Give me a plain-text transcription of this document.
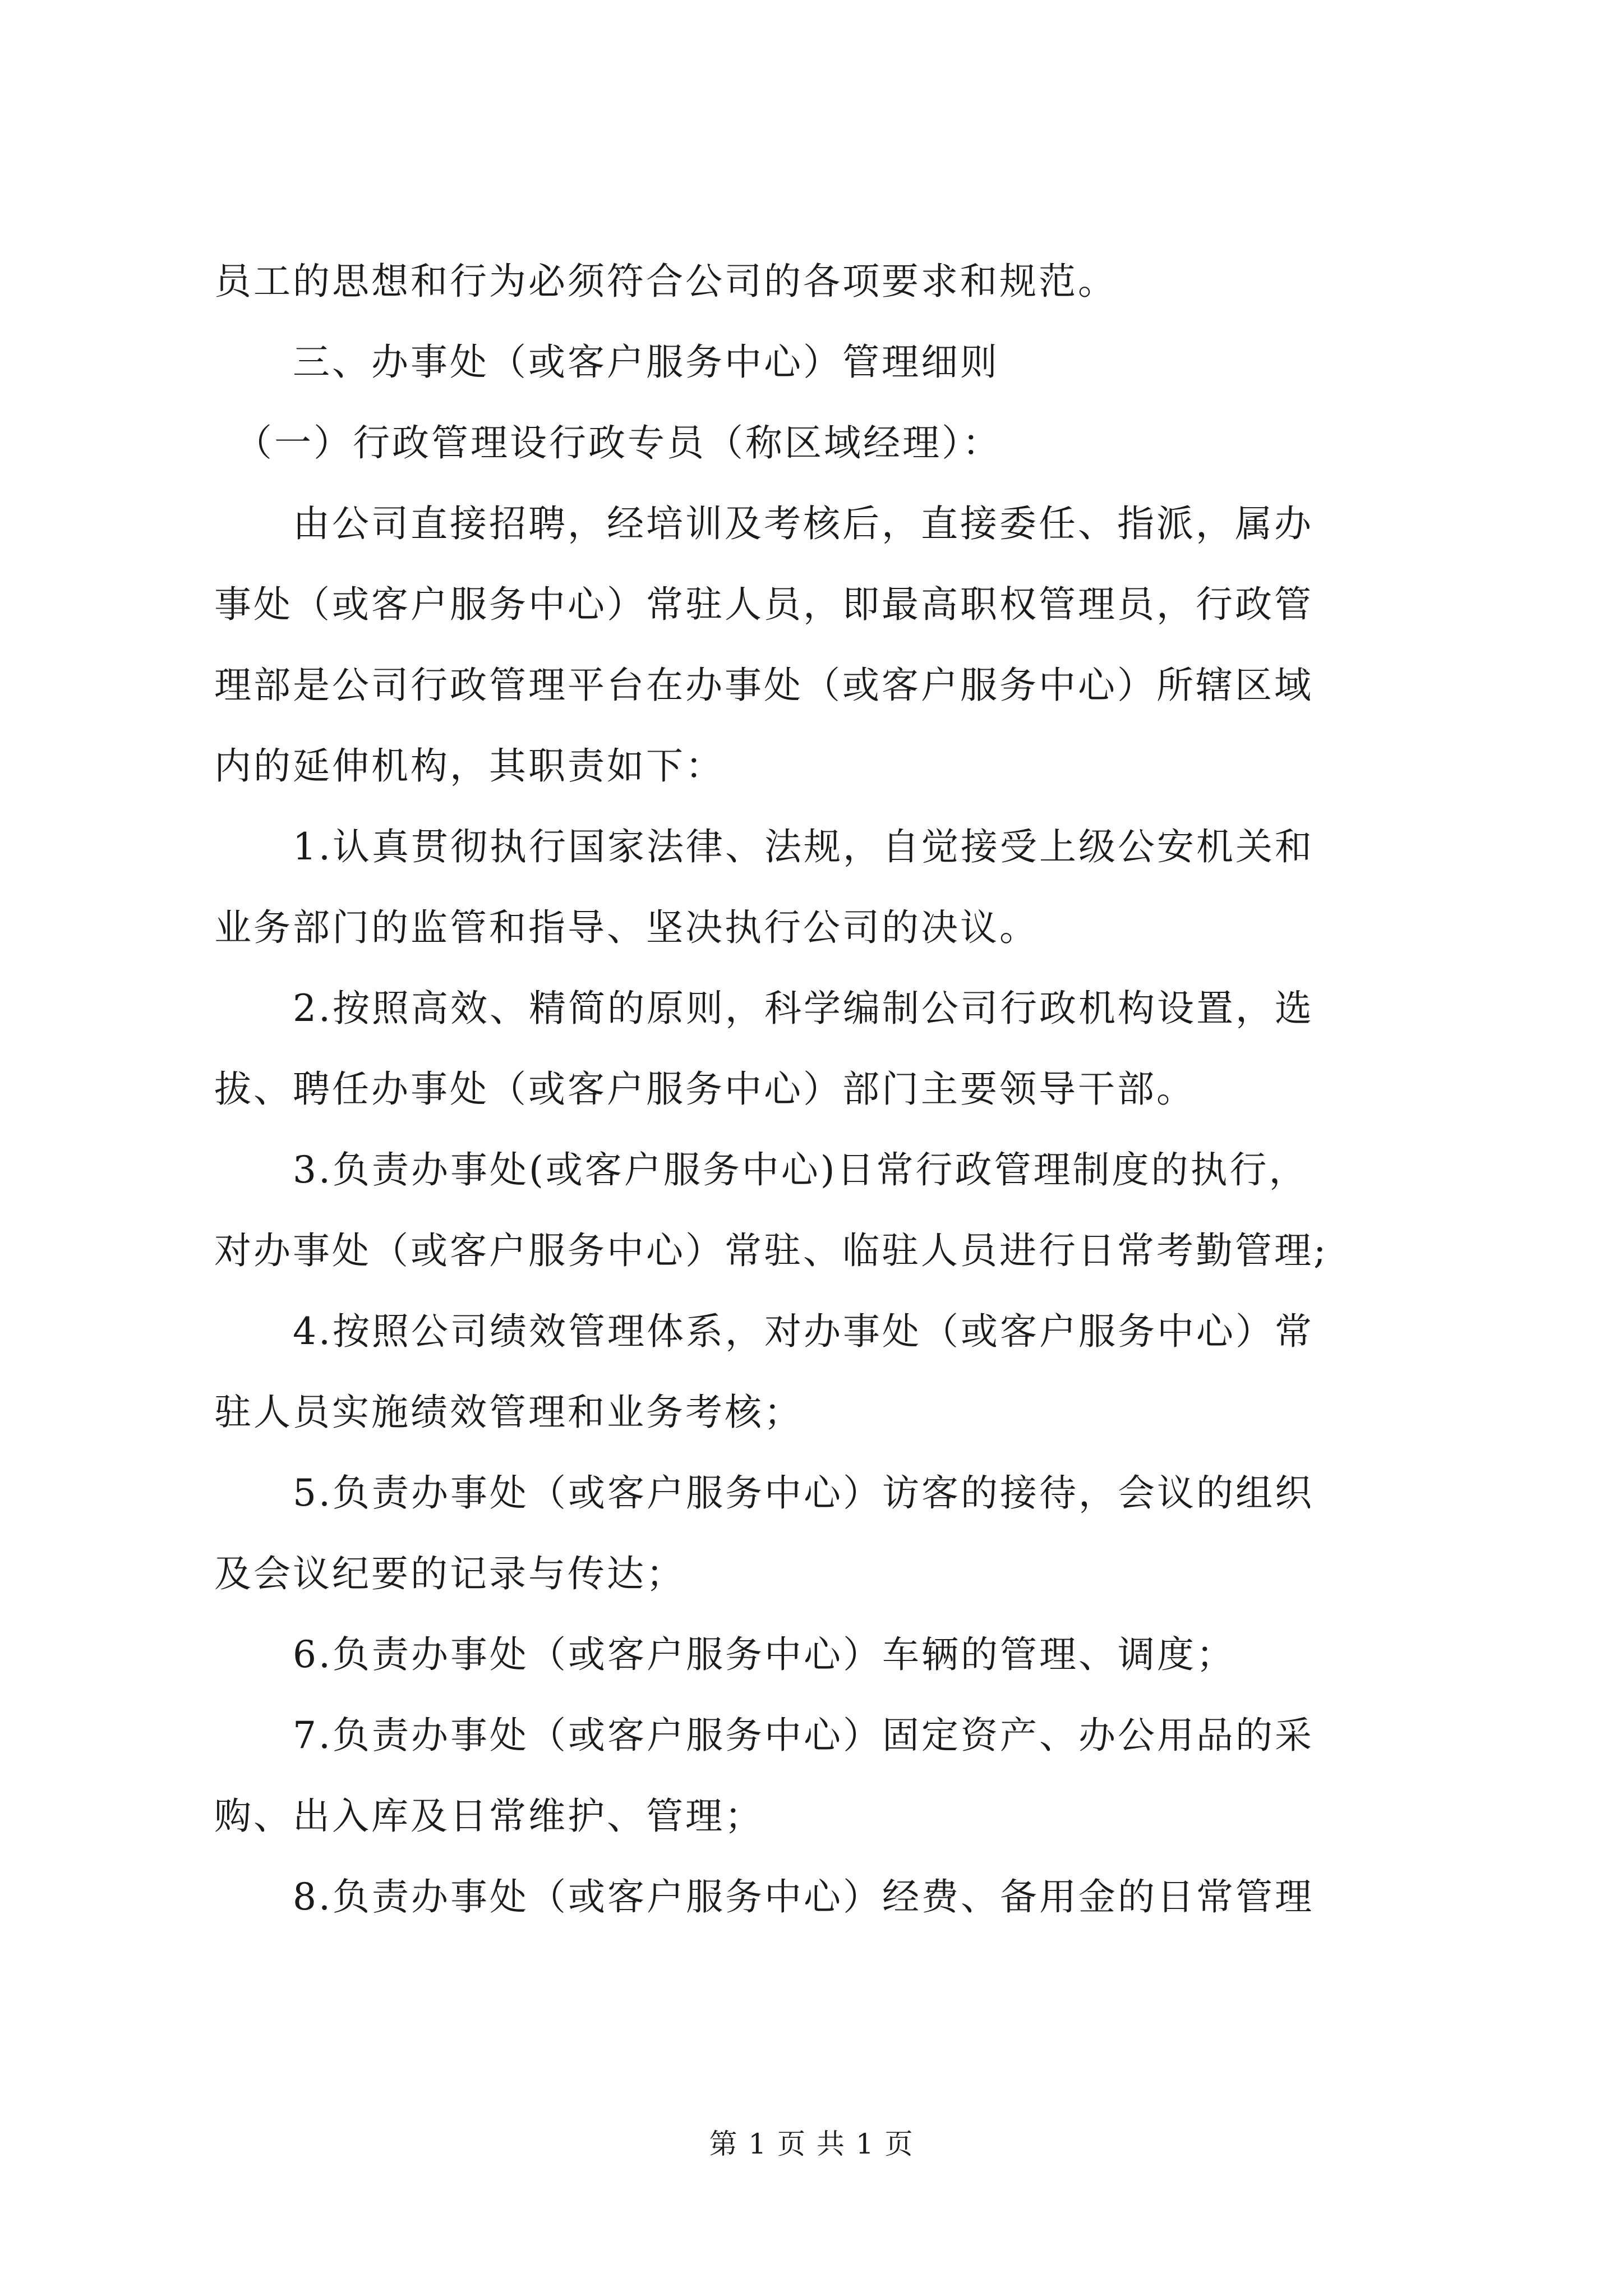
员工的思想和行为必须符合公司的各项要求和规范。

　　三、办事处（或客户服务中心）管理细则

　（一）行政管理设行政专员（称区域经理）：

　　由公司直接招聘，经培训及考核后，直接委任、指派，属办

事处（或客户服务中心）常驻人员，即最高职权管理员，行政管

理部是公司行政管理平台在办事处（或客户服务中心）所辖区域

内的延伸机构，其职责如下：

　　1.认真贯彻执行国家法律、法规，自觉接受上级公安机关和

业务部门的监管和指导、坚决执行公司的决议。

　　2.按照高效、精简的原则，科学编制公司行政机构设置，选

拔、聘任办事处（或客户服务中心）部门主要领导干部。

　　3.负责办事处(或客户服务中心)日常行政管理制度的执行，

对办事处（或客户服务中心）常驻、临驻人员进行日常考勤管理;

　　4.按照公司绩效管理体系，对办事处（或客户服务中心）常

驻人员实施绩效管理和业务考核；

　　5.负责办事处（或客户服务中心）访客的接待，会议的组织

及会议纪要的记录与传达；

　　6.负责办事处（或客户服务中心）车辆的管理、调度；

　　7.负责办事处（或客户服务中心）固定资产、办公用品的采

购、出入库及日常维护、管理；

　　8.负责办事处（或客户服务中心）经费、备用金的日常管理

第 1 页 共 1 页
